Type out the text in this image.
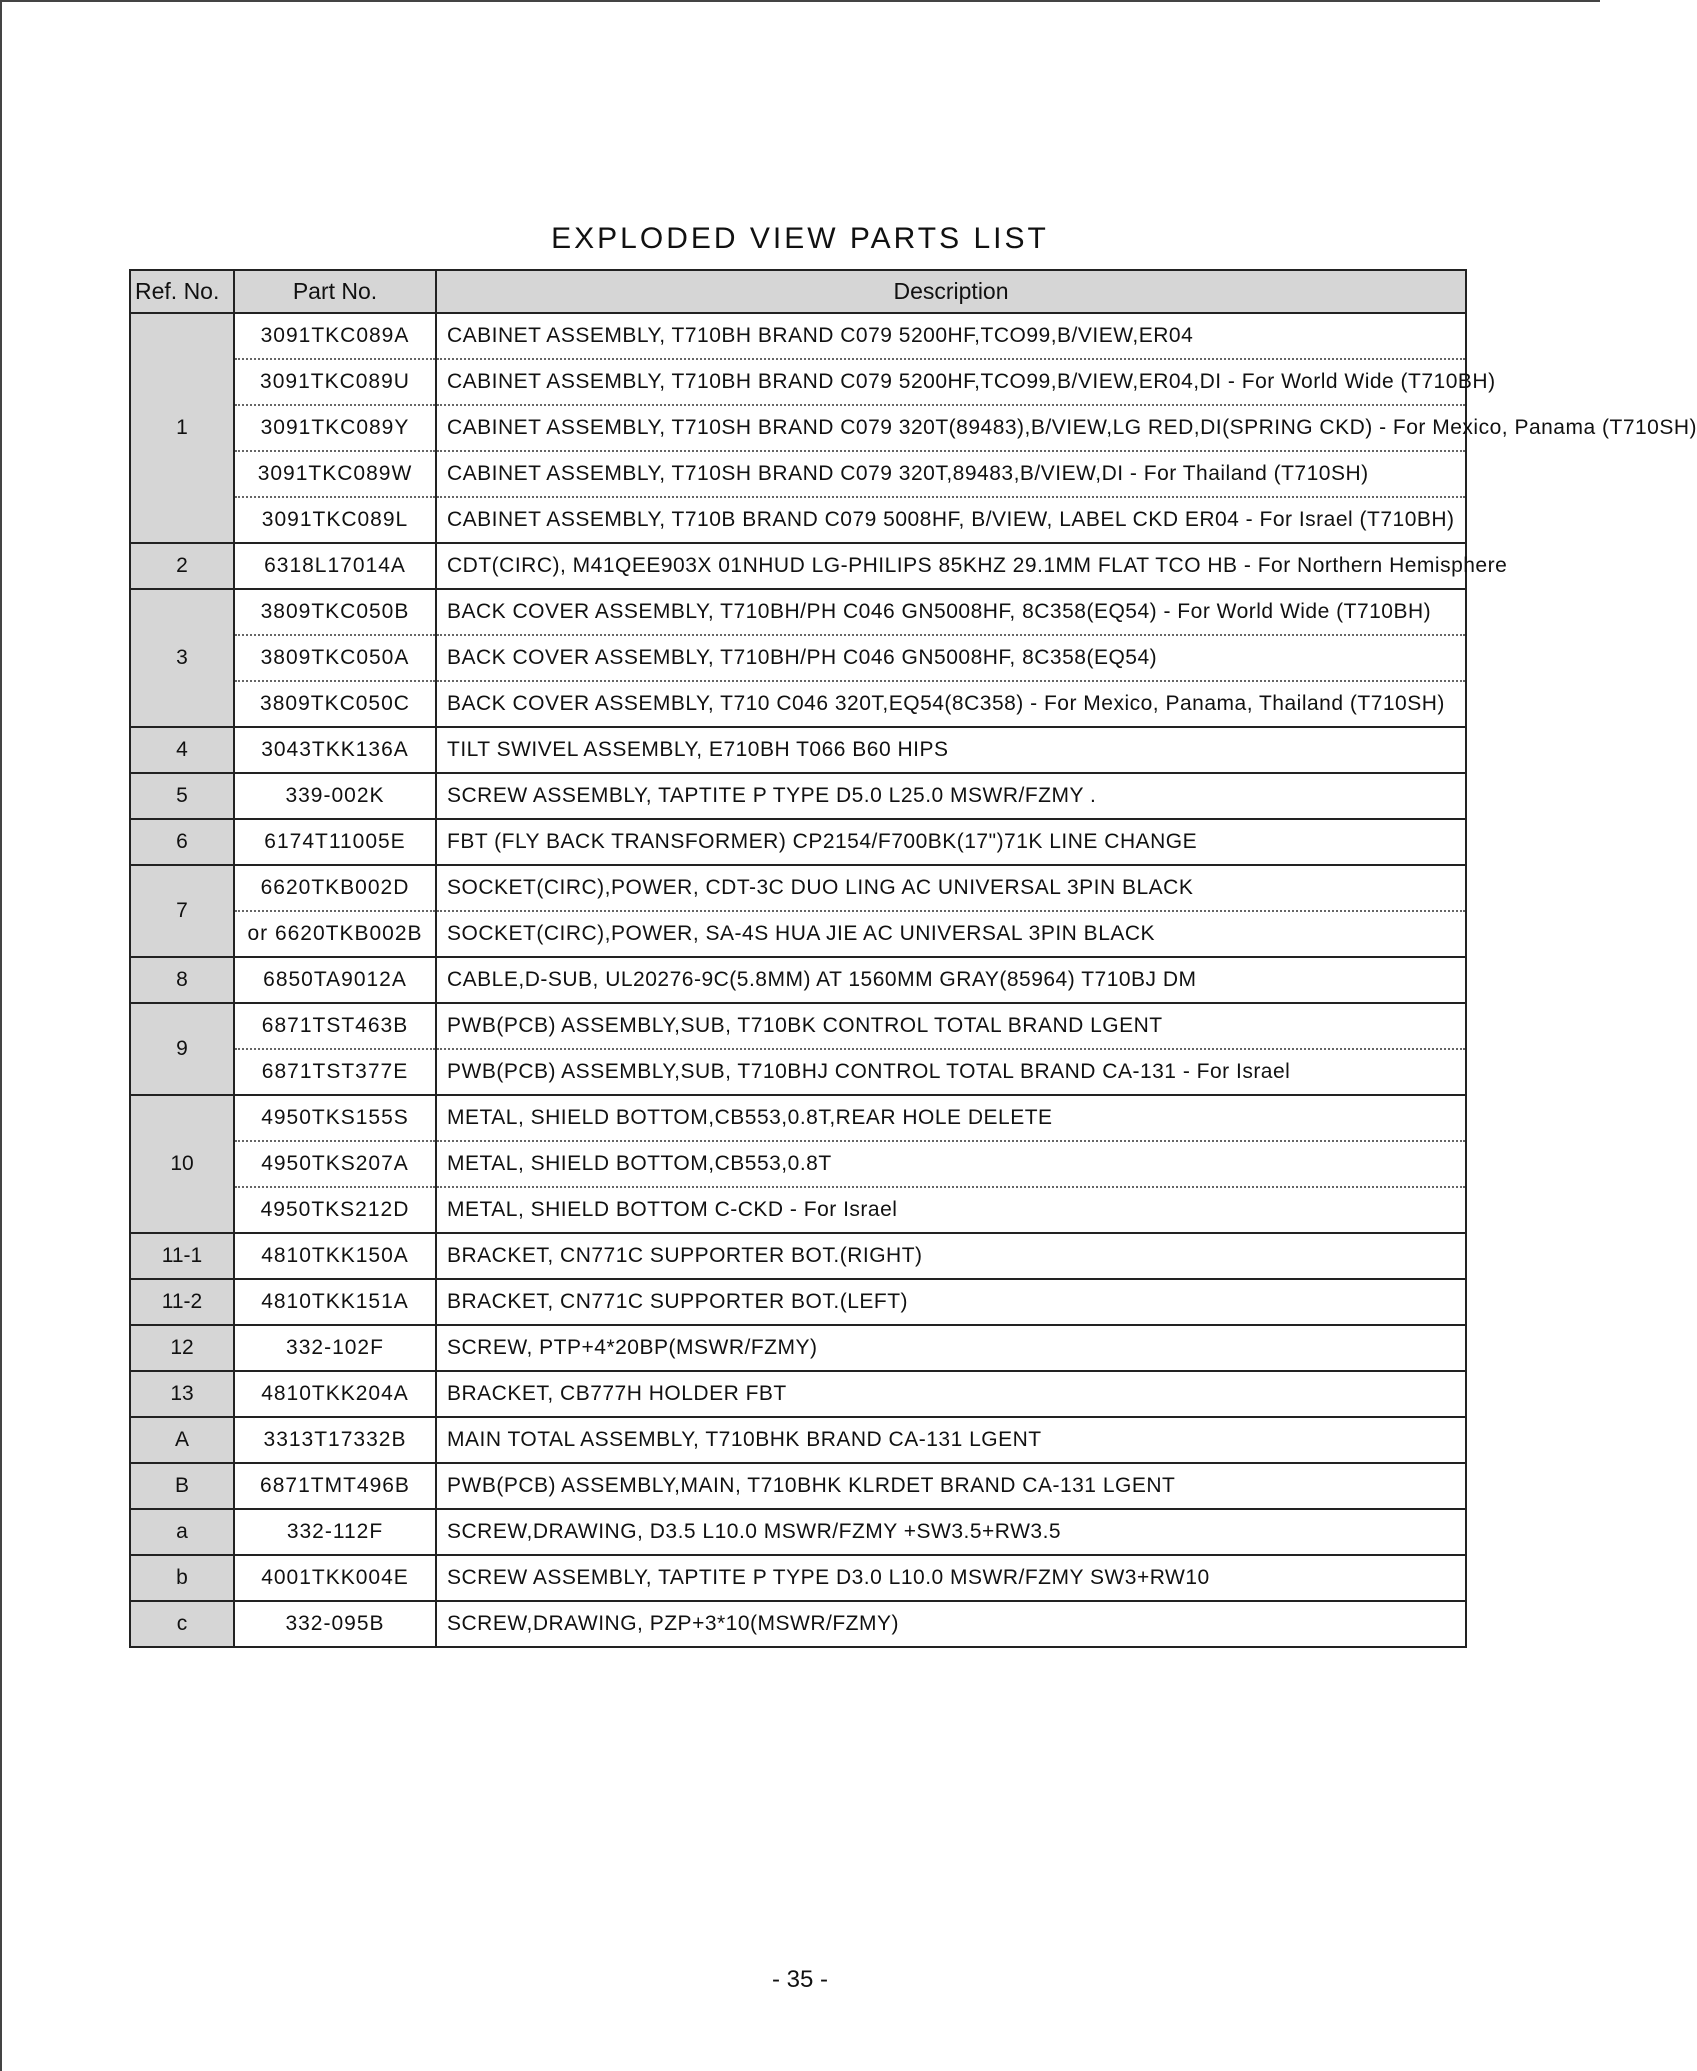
EXPLODED VIEW PARTS LIST
Ref. No.	Part No.	Description
1	3091TKC089A	CABINET ASSEMBLY, T710BH BRAND C079 5200HF,TCO99,B/VIEW,ER04
	3091TKC089U	CABINET ASSEMBLY, T710BH BRAND C079 5200HF,TCO99,B/VIEW,ER04,DI - For World Wide (T710BH)
	3091TKC089Y	CABINET ASSEMBLY, T710SH BRAND C079 320T(89483),B/VIEW,LG RED,DI(SPRING CKD) - For Mexico, Panama (T710SH)
	3091TKC089W	CABINET ASSEMBLY, T710SH BRAND C079 320T,89483,B/VIEW,DI - For Thailand (T710SH)
	3091TKC089L	CABINET ASSEMBLY, T710B BRAND C079 5008HF, B/VIEW, LABEL CKD ER04 - For Israel (T710BH)
2	6318L17014A	CDT(CIRC), M41QEE903X 01NHUD LG-PHILIPS 85KHZ 29.1MM FLAT TCO HB - For Northern Hemisphere
3	3809TKC050B	BACK COVER ASSEMBLY, T710BH/PH C046 GN5008HF, 8C358(EQ54) - For World Wide (T710BH)
	3809TKC050A	BACK COVER ASSEMBLY, T710BH/PH C046 GN5008HF, 8C358(EQ54)
	3809TKC050C	BACK COVER ASSEMBLY, T710 C046 320T,EQ54(8C358) - For Mexico, Panama, Thailand (T710SH)
4	3043TKK136A	TILT SWIVEL ASSEMBLY, E710BH T066 B60 HIPS
5	339-002K	SCREW ASSEMBLY, TAPTITE P TYPE D5.0 L25.0 MSWR/FZMY .
6	6174T11005E	FBT (FLY BACK TRANSFORMER) CP2154/F700BK(17")71K LINE CHANGE
7	6620TKB002D	SOCKET(CIRC),POWER, CDT-3C DUO LING AC UNIVERSAL 3PIN BLACK
	or 6620TKB002B	SOCKET(CIRC),POWER, SA-4S HUA JIE AC UNIVERSAL 3PIN BLACK
8	6850TA9012A	CABLE,D-SUB, UL20276-9C(5.8MM) AT 1560MM GRAY(85964) T710BJ DM
9	6871TST463B	PWB(PCB) ASSEMBLY,SUB, T710BK CONTROL TOTAL BRAND LGENT
	6871TST377E	PWB(PCB) ASSEMBLY,SUB, T710BHJ CONTROL TOTAL BRAND CA-131 - For Israel
10	4950TKS155S	METAL, SHIELD BOTTOM,CB553,0.8T,REAR HOLE DELETE
	4950TKS207A	METAL, SHIELD BOTTOM,CB553,0.8T
	4950TKS212D	METAL, SHIELD BOTTOM C-CKD - For Israel
11-1	4810TKK150A	BRACKET, CN771C SUPPORTER BOT.(RIGHT)
11-2	4810TKK151A	BRACKET, CN771C SUPPORTER BOT.(LEFT)
12	332-102F	SCREW, PTP+4*20BP(MSWR/FZMY)
13	4810TKK204A	BRACKET, CB777H HOLDER FBT
A	3313T17332B	MAIN TOTAL ASSEMBLY, T710BHK BRAND CA-131 LGENT
B	6871TMT496B	PWB(PCB) ASSEMBLY,MAIN, T710BHK KLRDET BRAND CA-131 LGENT
a	332-112F	SCREW,DRAWING, D3.5 L10.0 MSWR/FZMY +SW3.5+RW3.5
b	4001TKK004E	SCREW ASSEMBLY, TAPTITE P TYPE D3.0 L10.0 MSWR/FZMY SW3+RW10
c	332-095B	SCREW,DRAWING, PZP+3*10(MSWR/FZMY)
- 35 -
